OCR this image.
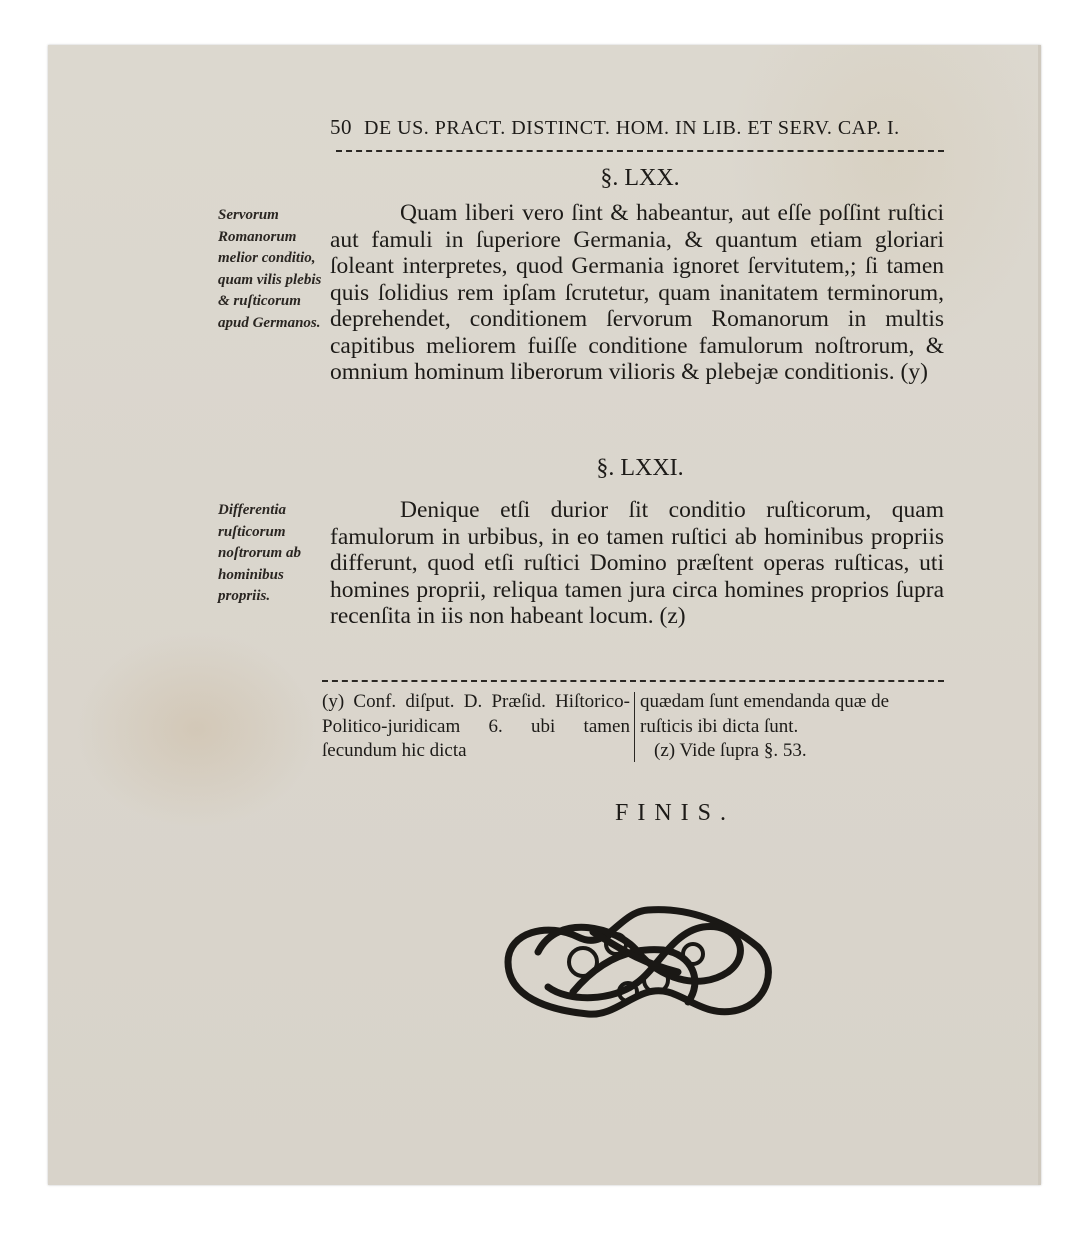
50 DE US. PRACT. DISTINCT. HOM. IN LIB. ET SERV. CAP. I.
§. LXX.
Servorum Romanorum melior conditio, quam vilis plebis & ruſticorum apud Germanos.

Quam liberi vero ſint & habeantur, aut eſſe poſſint ruſtici aut famuli in ſuperiore Germania, & quantum etiam gloriari ſoleant interpretes, quod Germania ignoret ſervitutem,; ſi tamen quis ſolidius rem ipſam ſcrutetur, quam inanitatem terminorum, deprehendet, conditionem ſervorum Romanorum in multis capitibus meliorem fuiſſe conditione famulorum noſtrorum, & omnium hominum liberorum vilioris & plebejæ conditionis. (y)

§. LXXI.
Differentia ruſticorum noſtrorum ab hominibus propriis.

Denique etſi durior ſit conditio ruſticorum, quam famulorum in urbibus, in eo tamen ruſtici ab hominibus propriis differunt, quod etſi ruſtici Domino præſtent operas ruſticas, uti homines proprii, reliqua tamen jura circa homines proprios ſupra recenſita in iis non habeant locum. (z)

(y) Conf. diſput. D. Præſid. Hiſtorico-Politico-juridicam 6. ubi tamen ſecundum hic dicta
quædam ſunt emendanda quæ de ruſticis ibi dicta ſunt.
(z) Vide ſupra §. 53.
FINIS.
